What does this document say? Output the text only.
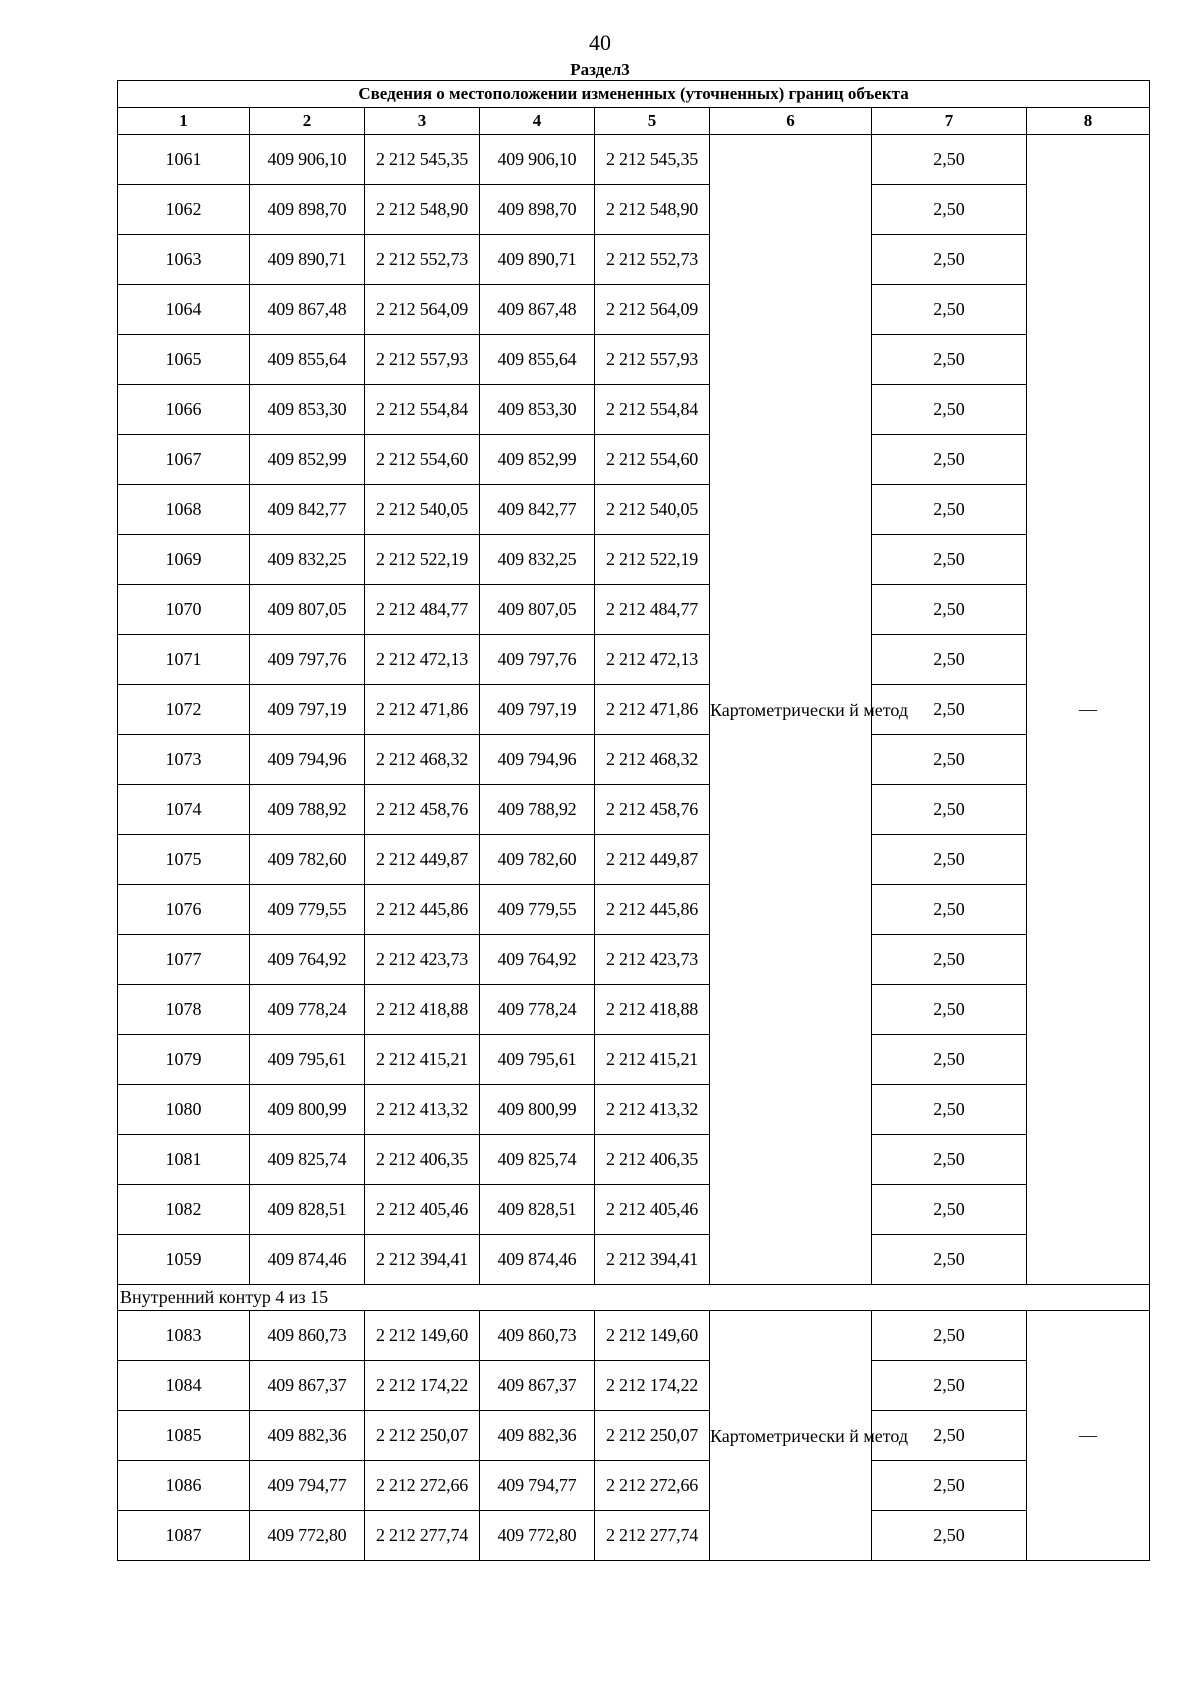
40
Раздел3
Сведения о местоположении измененных (уточненных) границ объекта							
1	2	3	4	5	6	7	8
1061	409 906,10	2 212 545,35	409 906,10	2 212 545,35	Картометрически й метод	2,50	—
1062	409 898,70	2 212 548,90	409 898,70	2 212 548,90		2,50	
1063	409 890,71	2 212 552,73	409 890,71	2 212 552,73		2,50	
1064	409 867,48	2 212 564,09	409 867,48	2 212 564,09		2,50	
1065	409 855,64	2 212 557,93	409 855,64	2 212 557,93		2,50	
1066	409 853,30	2 212 554,84	409 853,30	2 212 554,84		2,50	
1067	409 852,99	2 212 554,60	409 852,99	2 212 554,60		2,50	
1068	409 842,77	2 212 540,05	409 842,77	2 212 540,05		2,50	
1069	409 832,25	2 212 522,19	409 832,25	2 212 522,19		2,50	
1070	409 807,05	2 212 484,77	409 807,05	2 212 484,77		2,50	
1071	409 797,76	2 212 472,13	409 797,76	2 212 472,13		2,50	
1072	409 797,19	2 212 471,86	409 797,19	2 212 471,86		2,50	
1073	409 794,96	2 212 468,32	409 794,96	2 212 468,32		2,50	
1074	409 788,92	2 212 458,76	409 788,92	2 212 458,76		2,50	
1075	409 782,60	2 212 449,87	409 782,60	2 212 449,87		2,50	
1076	409 779,55	2 212 445,86	409 779,55	2 212 445,86		2,50	
1077	409 764,92	2 212 423,73	409 764,92	2 212 423,73		2,50	
1078	409 778,24	2 212 418,88	409 778,24	2 212 418,88		2,50	
1079	409 795,61	2 212 415,21	409 795,61	2 212 415,21		2,50	
1080	409 800,99	2 212 413,32	409 800,99	2 212 413,32		2,50	
1081	409 825,74	2 212 406,35	409 825,74	2 212 406,35		2,50	
1082	409 828,51	2 212 405,46	409 828,51	2 212 405,46		2,50	
1059	409 874,46	2 212 394,41	409 874,46	2 212 394,41		2,50	
Внутренний контур 4 из 15							
1083	409 860,73	2 212 149,60	409 860,73	2 212 149,60	Картометрически й метод	2,50	—
1084	409 867,37	2 212 174,22	409 867,37	2 212 174,22		2,50	
1085	409 882,36	2 212 250,07	409 882,36	2 212 250,07		2,50	
1086	409 794,77	2 212 272,66	409 794,77	2 212 272,66		2,50	
1087	409 772,80	2 212 277,74	409 772,80	2 212 277,74		2,50	
